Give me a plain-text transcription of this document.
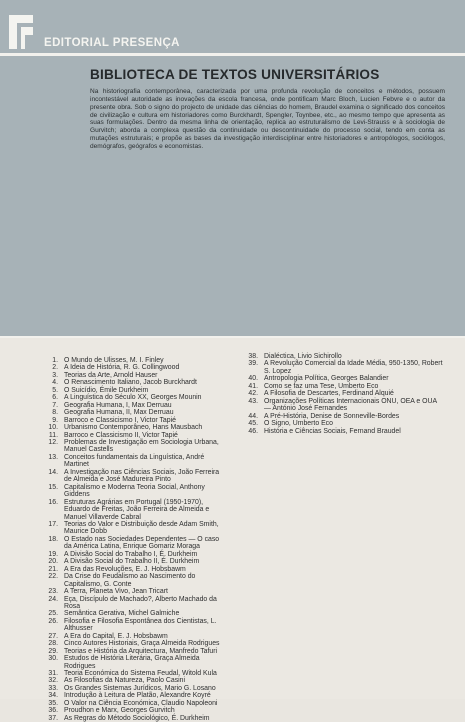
EDITORIAL PRESENÇA
BIBLIOTECA DE TEXTOS UNIVERSITÁRIOS
Na historiografia contemporânea, caracterizada por uma profunda revolução de conceitos e métodos, possuem incontestável autoridade as inovações da escola francesa, onde pontificam Marc Bloch, Lucien Febvre e o autor da presente obra. Sob o signo do projecto de unidade das ciências do homem, Braudel examina o significado dos conceitos de civilização e cultura em historiadores como Burckhardt, Spengler, Toynbee, etc., ao mesmo tempo que apresenta as suas formulações. Dentro da mesma linha de orientação, replica ao estruturalismo de Levi-Strauss e à sociologia de Gurvitch; aborda a complexa questão da continuidade ou descontinuidade do processo social, tendo em conta as mutações estruturais; e propõe as bases da investigação interdisciplinar entre historiadores e antropólogos, sociólogos, demógrafos, geógrafos e economistas.
1. O Mundo de Ulisses, M. I. Finley
2. A Ideia de História, R. G. Collingwood
3. Teorias da Arte, Arnold Hauser
4. O Renascimento Italiano, Jacob Burckhardt
5. O Suicídio, Émile Durkheim
6. A Linguística do Século XX, Georges Mounin
7. Geografia Humana, I, Max Derruau
8. Geografia Humana, II, Max Derruau
9. Barroco e Classicismo I, Victor Tapié
10. Urbanismo Contemporâneo, Hans Mausbach
11. Barroco e Classicismo II, Victor Tapié
12. Problemas de Investigação em Sociologia Urbana, Manuel Castells
13. Conceitos fundamentais da Linguística, André Martinet
14. A Investigação nas Ciências Sociais, João Ferreira de Almeida e José Madureira Pinto
15. Capitalismo e Moderna Teoria Social, Anthony Giddens
16. Estruturas Agrárias em Portugal (1950-1970), Eduardo de Freitas, João Ferreira de Almeida e Manuel Villaverde Cabral
17. Teorias do Valor e Distribuição desde Adam Smith, Maurice Dobb
18. O Estado nas Sociedades Dependentes — O caso da América Latina, Enrique Gomariz Moraga
19. A Divisão Social do Trabalho I, É. Durkheim
20. A Divisão Social do Trabalho II, É. Durkheim
21. A Era das Revoluções, E. J. Hobsbawm
22. Da Crise do Feudalismo ao Nascimento do Capitalismo, G. Conte
23. A Terra, Planeta Vivo, Jean Tricart
24. Eça, Discípulo de Machado?, Alberto Machado da Rosa
25. Semântica Gerativa, Michel Galmiche
26. Filosofia e Filosofia Espontânea dos Cientistas, L. Althusser
27. A Era do Capital, E. J. Hobsbawm
28. Cinco Autores Historiais, Graça Almeida Rodrigues
29. Teorias e História da Arquitectura, Manfredo Tafuri
30. Estudos de História Literária, Graça Almeida Rodrigues
31. Teoria Económica do Sistema Feudal, Witold Kula
32. As Filosofias da Natureza, Paolo Casini
33. Os Grandes Sistemas Jurídicos, Mario G. Losano
34. Introdução à Leitura de Platão, Alexandre Koyré
35. O Valor na Ciência Económica, Claudio Napoleoni
36. Proudhon e Marx, Georges Gurvitch
37. As Regras do Método Sociológico, É. Durkheim
38. Dialéctica, Livio Sichirollo
39. A Revolução Comercial da Idade Média, 950-1350, Robert S. Lopez
40. Antropologia Política, Georges Balandier
41. Como se faz uma Tese, Umberto Eco
42. A Filosofia de Descartes, Ferdinand Alquié
43. Organizações Políticas Internacionais ONU, OEA e OUA — António José Fernandes
44. A Pré-História, Denise de Sonneville-Bordes
45. O Signo, Umberto Eco
46. História e Ciências Sociais, Fernand Braudel
